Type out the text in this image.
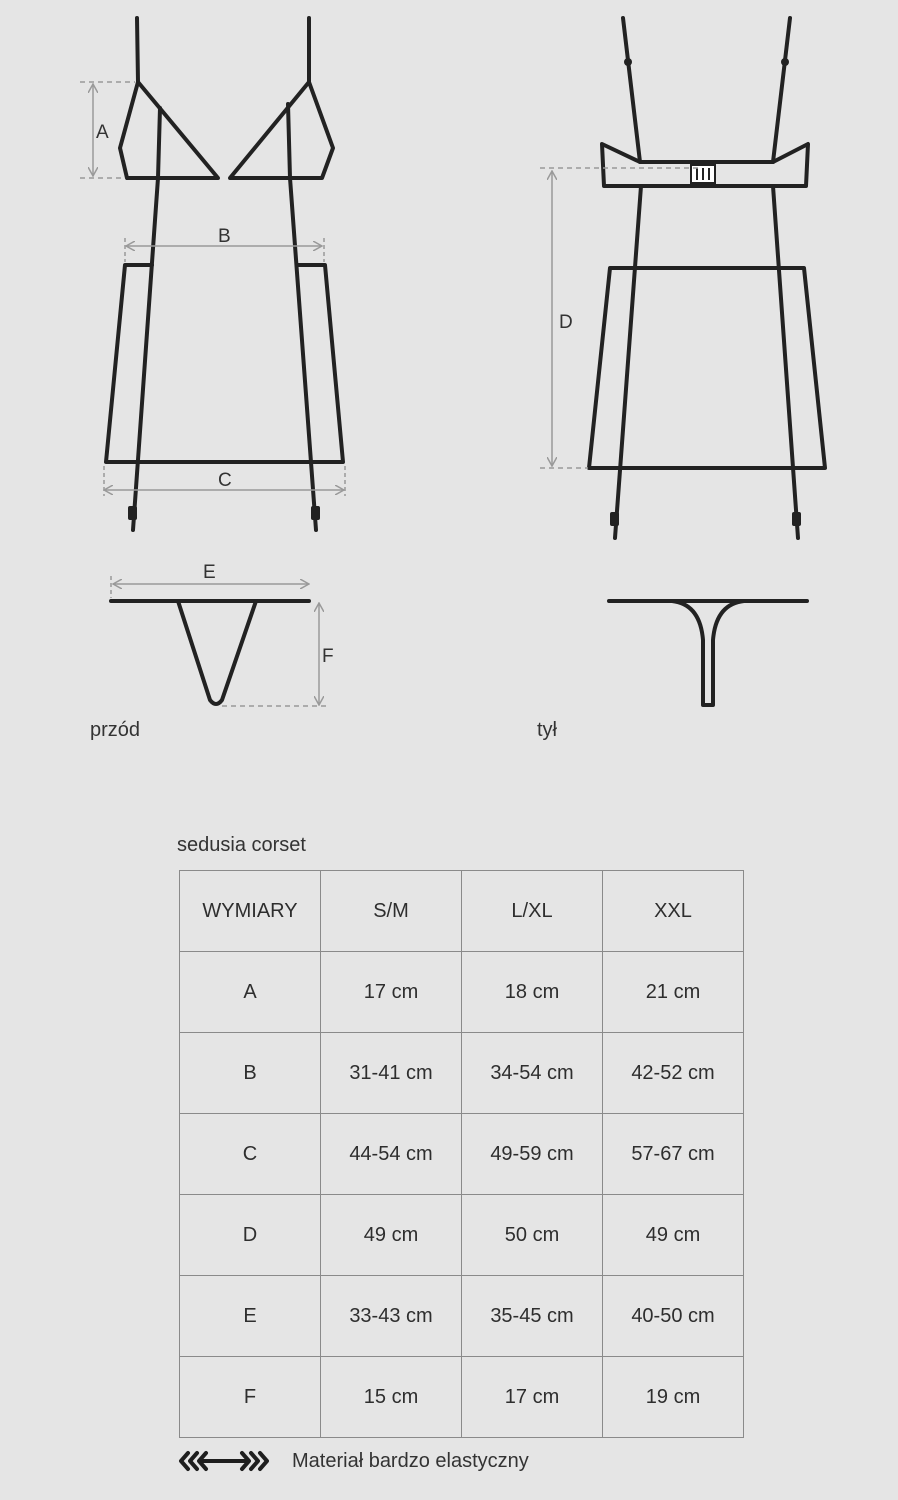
A
B
C
D
E
F
przód	tył
sedusia corset
WYMIARY	S/M	L/XL	XXL
A	17 cm	18 cm	21 cm
B	31-41 cm	34-54 cm	42-52 cm
C	44-54 cm	49-59 cm	57-67 cm
D	49 cm	50 cm	49 cm
E	33-43 cm	35-45 cm	40-50 cm
F	15 cm	17 cm	19 cm
Materiał bardzo elastyczny
